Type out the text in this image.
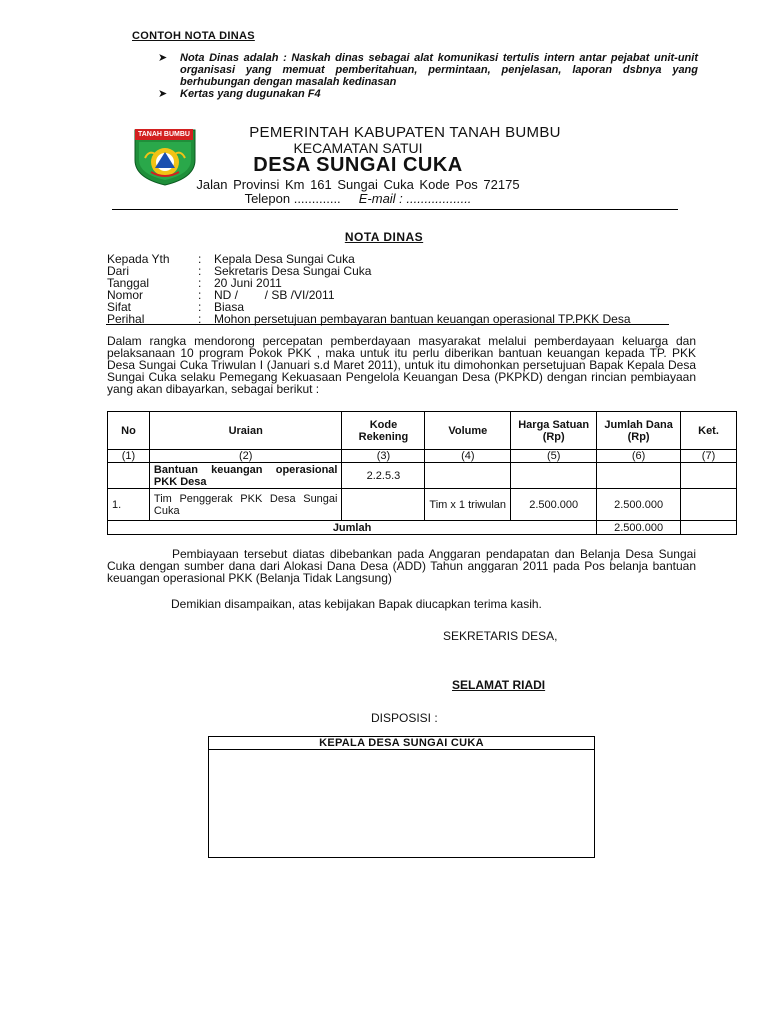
CONTOH NOTA DINAS
➤ Nota Dinas adalah : Naskah dinas sebagai alat komunikasi tertulis intern antar pejabat unit-unit organisasi yang memuat pemberitahuan, permintaan, penjelasan, laporan dsbnya yang berhubungan dengan masalah kedinasan
➤ Kertas yang dugunakan F4
TANAH BUMBU	PEMERINTAH KABUPATEN TANAH BUMBU
KECAMATAN SATUI
DESA SUNGAI CUKA
Jalan Provinsi Km 161 Sungai Cuka Kode Pos 72175
Telepon ............. E-mail : ..................
NOTA DINAS
Kepada Yth : Kepala Desa Sungai Cuka
Dari	: Sekretaris Desa Sungai Cuka
Tanggal	: 20 Juni 2011
Nomor	: ND /        / SB /VI/2011
Sifat	: Biasa
Perihal	: Mohon persetujuan pembayaran bantuan keuangan operasional TP.PKK Desa
Dalam rangka mendorong percepatan pemberdayaan masyarakat melalui pemberdayaan keluarga dan pelaksanaan 10 program Pokok PKK , maka untuk itu perlu diberikan bantuan keuangan kepada TP. PKK Desa Sungai Cuka Triwulan I (Januari s.d Maret 2011), untuk itu dimohonkan persetujuan Bapak Kepala Desa Sungai Cuka selaku Pemegang Kekuasaan Pengelola Keuangan Desa (PKPKD) dengan rincian pembiayaan yang akan dibayarkan, sebagai berikut :
No	Uraian	Kode Rekening	Volume	Harga Satuan (Rp)	Jumlah Dana (Rp)	Ket.
(1)	(2)	(3)	(4)	(5)	(6)	(7)
	Bantuan keuangan operasional PKK Desa	2.2.5.3				
1.	Tim Penggerak PKK Desa Sungai Cuka		Tim x 1 triwulan	2.500.000	2.500.000	
Jumlah					2.500.000	
Pembiayaan tersebut diatas dibebankan pada Anggaran pendapatan dan Belanja Desa Sungai Cuka dengan sumber dana dari Alokasi Dana Desa (ADD) Tahun anggaran 2011 pada Pos belanja bantuan keuangan operasional PKK (Belanja Tidak Langsung)
Demikian disampaikan, atas kebijakan Bapak diucapkan terima kasih.
SEKRETARIS DESA,
SELAMAT RIADI
DISPOSISI :
KEPALA DESA SUNGAI CUKA
